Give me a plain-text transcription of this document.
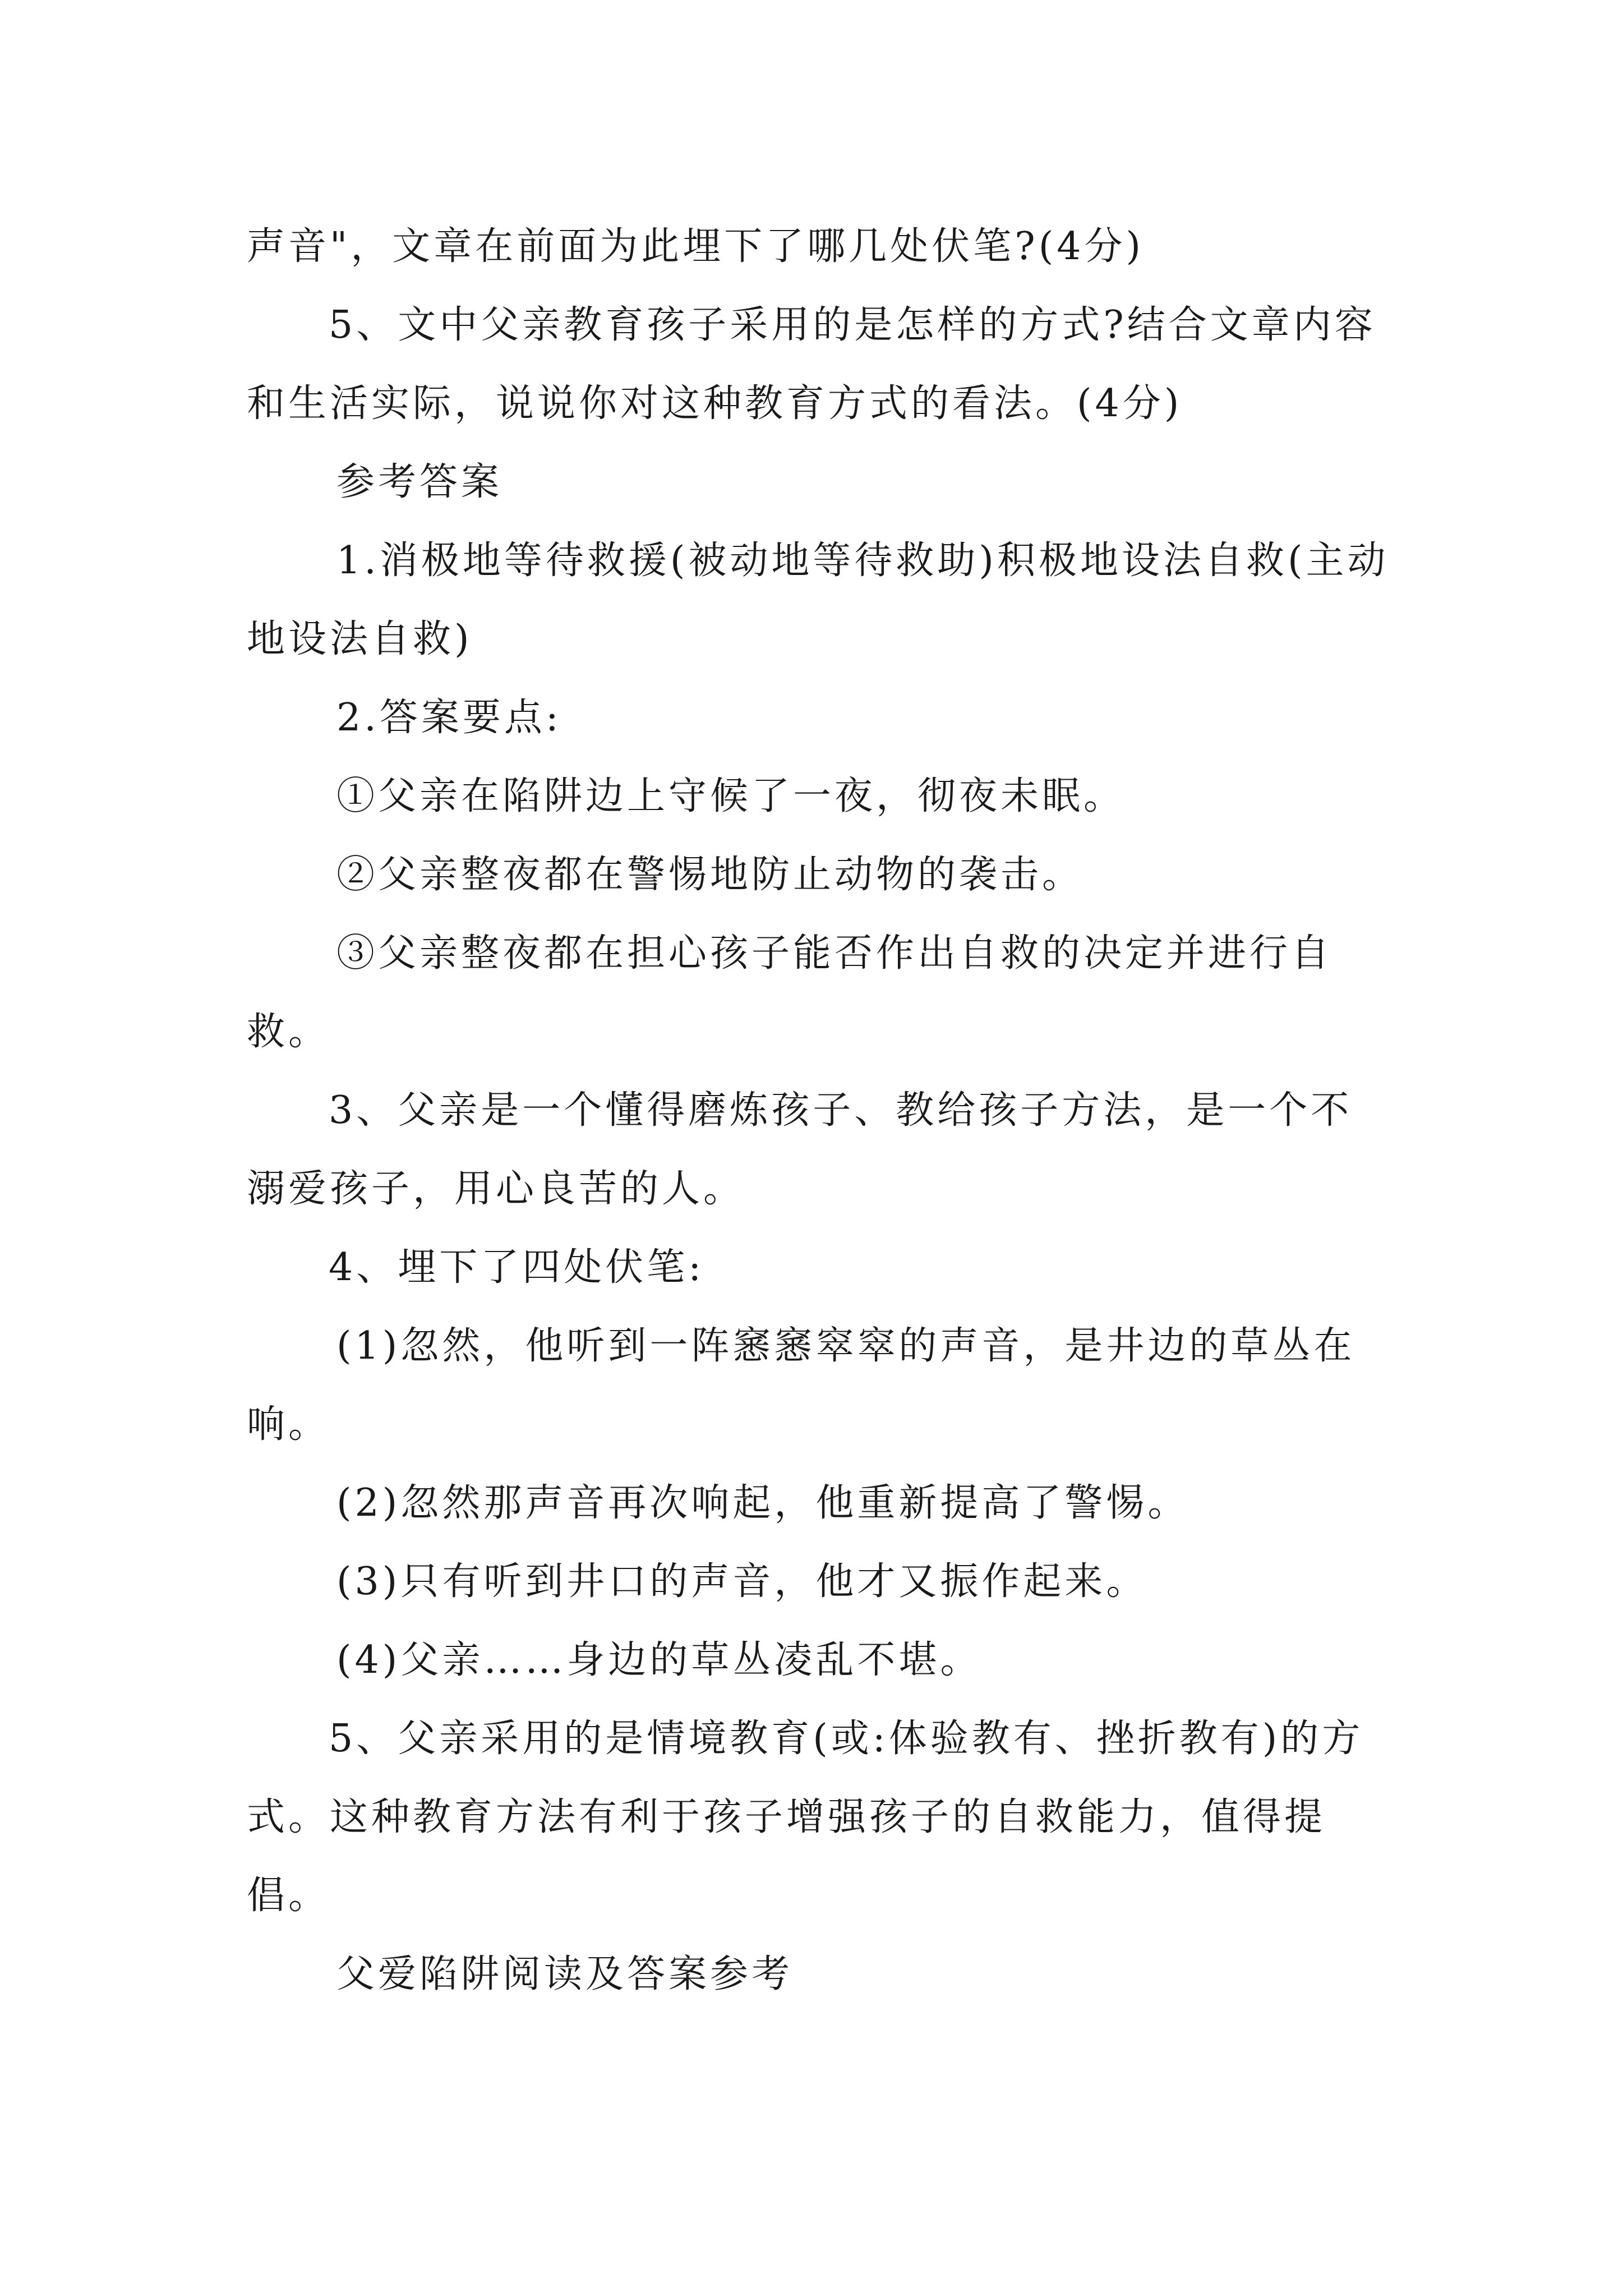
声音"，文章在前面为此埋下了哪几处伏笔?(4分)

5、文中父亲教育孩子采用的是怎样的方式?结合文章内容和生活实际，说说你对这种教育方式的看法。(4分)

参考答案

1.消极地等待救援(被动地等待救助)积极地设法自救(主动地设法自救)

2.答案要点:

①父亲在陷阱边上守候了一夜，彻夜未眠。

②父亲整夜都在警惕地防止动物的袭击。

③父亲整夜都在担心孩子能否作出自救的决定并进行自救。

3、父亲是一个懂得磨炼孩子、教给孩子方法，是一个不溺爱孩子，用心良苦的人。

4、埋下了四处伏笔:

(1)忽然，他听到一阵窸窸窣窣的声音，是井边的草丛在响。

(2)忽然那声音再次响起，他重新提高了警惕。

(3)只有听到井口的声音，他才又振作起来。

(4)父亲……身边的草丛凌乱不堪。

5、父亲采用的是情境教育(或:体验教有、挫折教有)的方式。这种教育方法有利于孩子增强孩子的自救能力，值得提倡。

父爱陷阱阅读及答案参考
